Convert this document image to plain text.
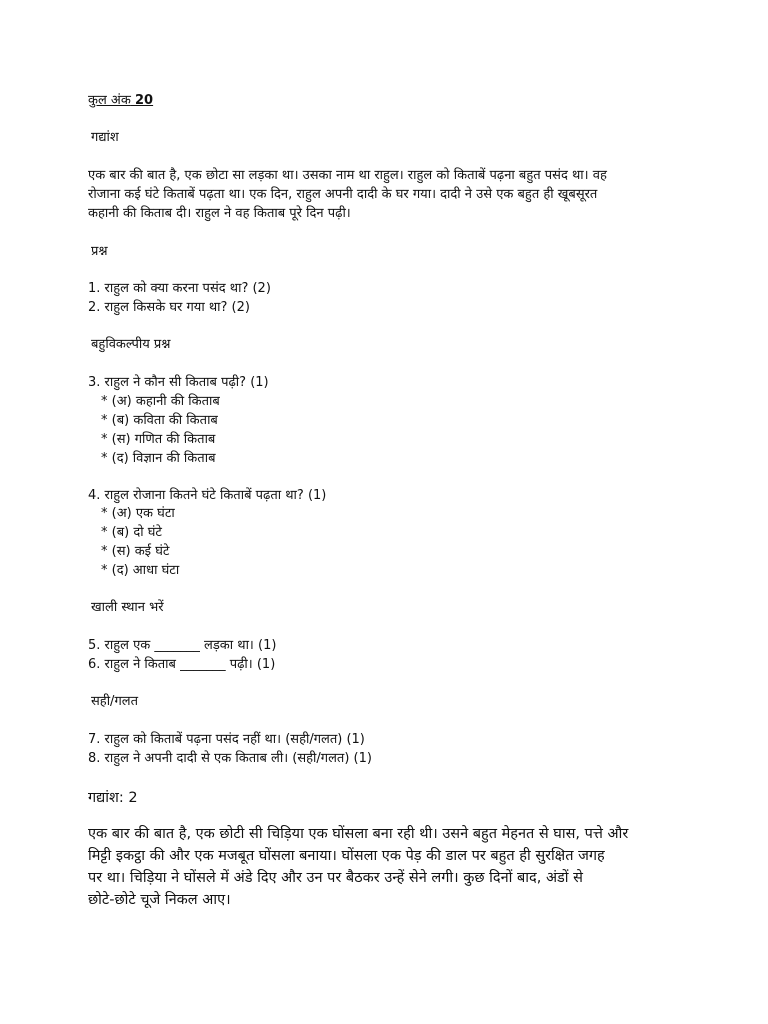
कुल अंक 20
गद्यांश
एक बार की बात है, एक छोटा सा लड़का था। उसका नाम था राहुल। राहुल को किताबें पढ़ना बहुत पसंद था। वह
रोजाना कई घंटे किताबें पढ़ता था। एक दिन, राहुल अपनी दादी के घर गया। दादी ने उसे एक बहुत ही खूबसूरत
कहानी की किताब दी। राहुल ने वह किताब पूरे दिन पढ़ी।
प्रश्न
1. राहुल को क्या करना पसंद था? (2)
2. राहुल किसके घर गया था? (2)
बहुविकल्पीय प्रश्न
3. राहुल ने कौन सी किताब पढ़ी? (1)
* (अ) कहानी की किताब
* (ब) कविता की किताब
* (स) गणित की किताब
* (द) विज्ञान की किताब
4. राहुल रोजाना कितने घंटे किताबें पढ़ता था? (1)
* (अ) एक घंटा
* (ब) दो घंटे
* (स) कई घंटे
* (द) आधा घंटा
खाली स्थान भरें
5. राहुल एक _______ लड़का था। (1)
6. राहुल ने किताब _______ पढ़ी। (1)
सही/गलत
7. राहुल को किताबें पढ़ना पसंद नहीं था। (सही/गलत) (1)
8. राहुल ने अपनी दादी से एक किताब ली। (सही/गलत) (1)
गद्यांश: 2
एक बार की बात है, एक छोटी सी चिड़िया एक घोंसला बना रही थी। उसने बहुत मेहनत से घास, पत्ते और
मिट्टी इकट्ठा की और एक मजबूत घोंसला बनाया। घोंसला एक पेड़ की डाल पर बहुत ही सुरक्षित जगह
पर था। चिड़िया ने घोंसले में अंडे दिए और उन पर बैठकर उन्हें सेने लगी। कुछ दिनों बाद, अंडों से
छोटे-छोटे चूजे निकल आए।
